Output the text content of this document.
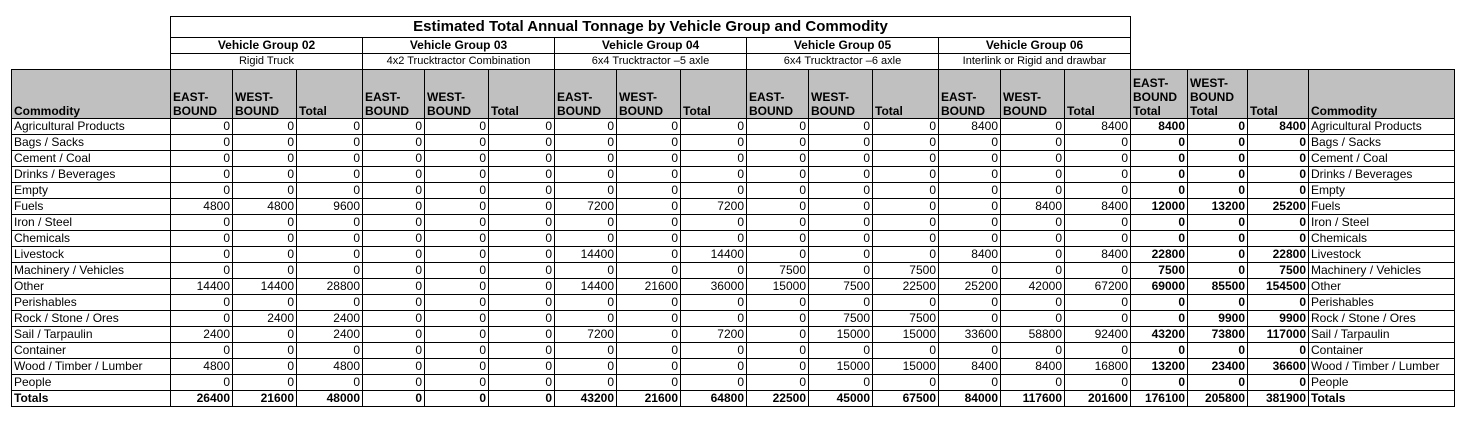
	Estimated Total Annual Tonnage by Vehicle Group and Commodity																		
	Vehicle Group 02			Vehicle Group 03			Vehicle Group 04			Vehicle Group 05			Vehicle Group 06						
	Rigid Truck			4x2 Trucktractor Combination			6x4 Trucktractor –5 axle			6x4 Trucktractor –6 axle			Interlink or Rigid and drawbar						
Commodity	EAST-BOUND	WEST-BOUND	Total	EAST-BOUND	WEST-BOUND	Total	EAST-BOUND	WEST-BOUND	Total	EAST-BOUND	WEST-BOUND	Total	EAST-BOUND	WEST-BOUND	Total	EAST-BOUND Total	WEST-BOUND Total	Total	Commodity
Agricultural Products	0	0	0	0	0	0	0	0	0	0	0	0	8400	0	8400	8400	0	8400	Agricultural Products
Bags / Sacks	0	0	0	0	0	0	0	0	0	0	0	0	0	0	0	0	0	0	Bags / Sacks
Cement / Coal	0	0	0	0	0	0	0	0	0	0	0	0	0	0	0	0	0	0	Cement / Coal
Drinks / Beverages	0	0	0	0	0	0	0	0	0	0	0	0	0	0	0	0	0	0	Drinks / Beverages
Empty	0	0	0	0	0	0	0	0	0	0	0	0	0	0	0	0	0	0	Empty
Fuels	4800	4800	9600	0	0	0	7200	0	7200	0	0	0	0	8400	8400	12000	13200	25200	Fuels
Iron / Steel	0	0	0	0	0	0	0	0	0	0	0	0	0	0	0	0	0	0	Iron / Steel
Chemicals	0	0	0	0	0	0	0	0	0	0	0	0	0	0	0	0	0	0	Chemicals
Livestock	0	0	0	0	0	0	14400	0	14400	0	0	0	8400	0	8400	22800	0	22800	Livestock
Machinery / Vehicles	0	0	0	0	0	0	0	0	0	7500	0	7500	0	0	0	7500	0	7500	Machinery / Vehicles
Other	14400	14400	28800	0	0	0	14400	21600	36000	15000	7500	22500	25200	42000	67200	69000	85500	154500	Other
Perishables	0	0	0	0	0	0	0	0	0	0	0	0	0	0	0	0	0	0	Perishables
Rock / Stone / Ores	0	2400	2400	0	0	0	0	0	0	0	7500	7500	0	0	0	0	9900	9900	Rock / Stone / Ores
Sail / Tarpaulin	2400	0	2400	0	0	0	7200	0	7200	0	15000	15000	33600	58800	92400	43200	73800	117000	Sail / Tarpaulin
Container	0	0	0	0	0	0	0	0	0	0	0	0	0	0	0	0	0	0	Container
Wood / Timber / Lumber	4800	0	4800	0	0	0	0	0	0	0	15000	15000	8400	8400	16800	13200	23400	36600	Wood / Timber / Lumber
People	0	0	0	0	0	0	0	0	0	0	0	0	0	0	0	0	0	0	People
Totals	26400	21600	48000	0	0	0	43200	21600	64800	22500	45000	67500	84000	117600	201600	176100	205800	381900	Totals
